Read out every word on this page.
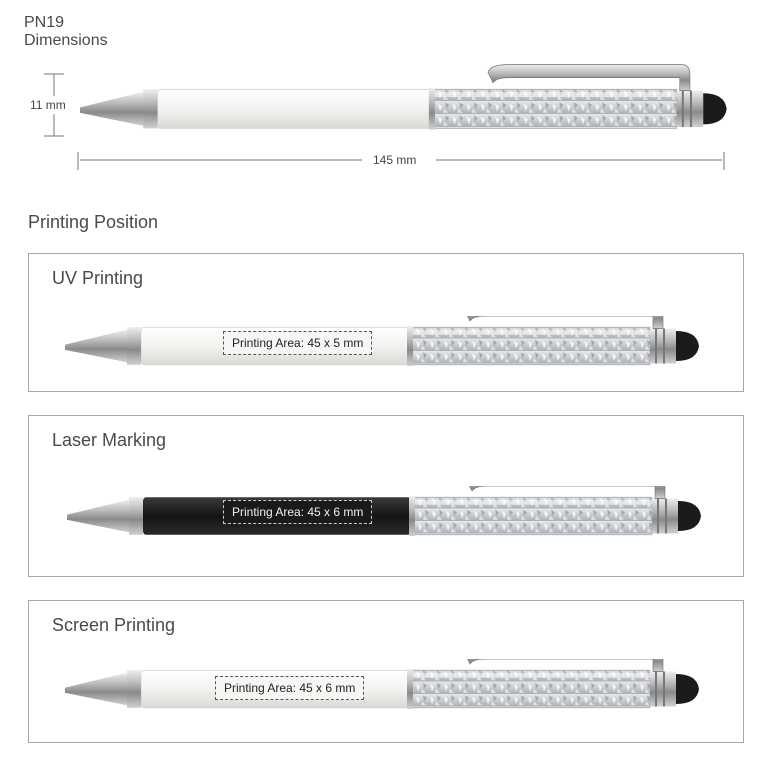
PN19
Dimensions
11 mm
145 mm
Printing Position
UV Printing
Printing Area: 45 x 5 mm
Laser Marking
Printing Area: 45 x 6 mm
Screen Printing
Printing Area: 45 x 6 mm
